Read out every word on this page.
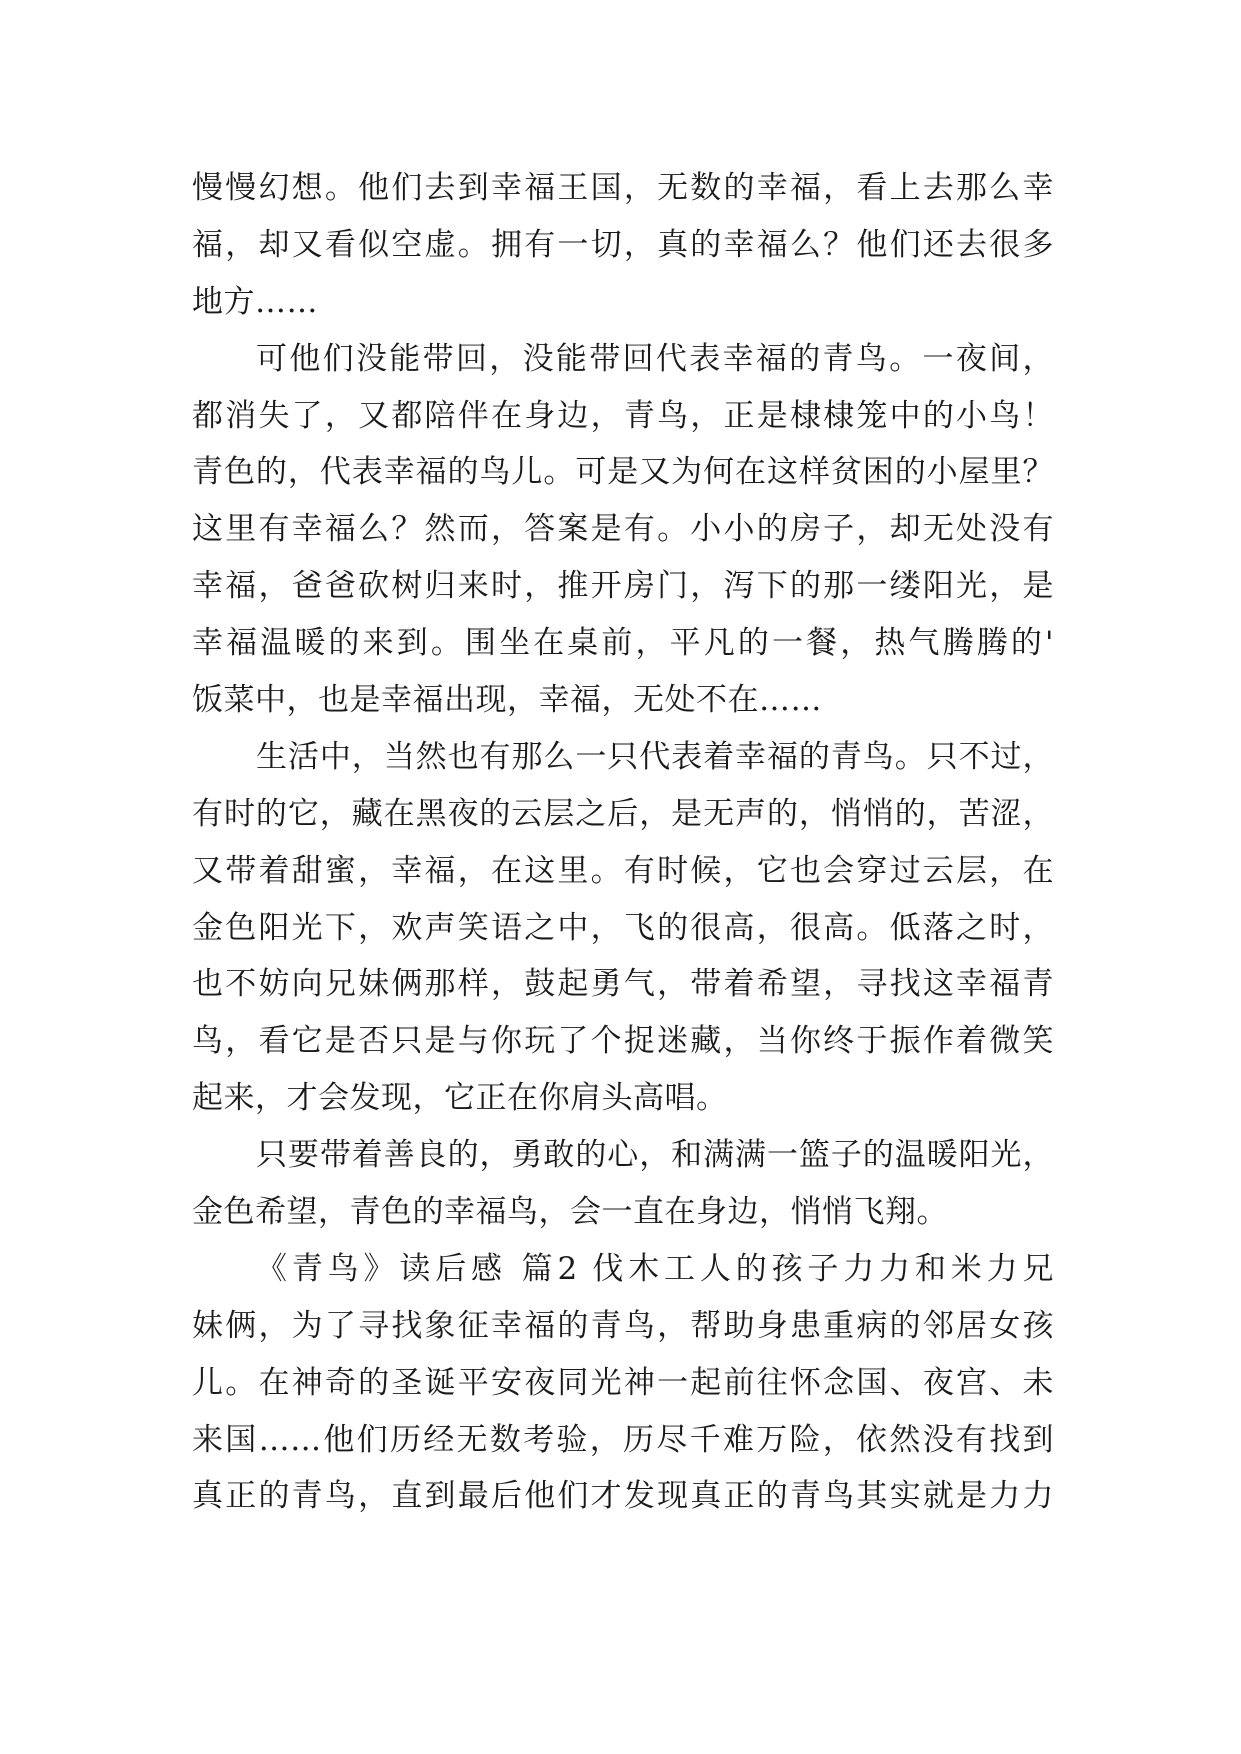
慢慢幻想。他们去到幸福王国，无数的幸福，看上去那么幸
福，却又看似空虚。拥有一切，真的幸福么？他们还去很多
地方……
可他们没能带回，没能带回代表幸福的青鸟。一夜间，
都消失了，又都陪伴在身边，青鸟，正是棣棣笼中的小鸟！
青色的，代表幸福的鸟儿。可是又为何在这样贫困的小屋里？
这里有幸福么？然而，答案是有。小小的房子，却无处没有
幸福，爸爸砍树归来时，推开房门，泻下的那一缕阳光，是
幸福温暖的来到。围坐在桌前，平凡的一餐，热气腾腾的'
饭菜中，也是幸福出现，幸福，无处不在……
生活中，当然也有那么一只代表着幸福的青鸟。只不过，
有时的它，藏在黑夜的云层之后，是无声的，悄悄的，苦涩，
又带着甜蜜，幸福，在这里。有时候，它也会穿过云层，在
金色阳光下，欢声笑语之中，飞的很高，很高。低落之时，
也不妨向兄妹俩那样，鼓起勇气，带着希望，寻找这幸福青
鸟，看它是否只是与你玩了个捉迷藏，当你终于振作着微笑
起来，才会发现，它正在你肩头高唱。
只要带着善良的，勇敢的心，和满满一篮子的温暖阳光，
金色希望，青色的幸福鸟，会一直在身边，悄悄飞翔。
《青鸟》读后感 篇2 伐木工人的孩子力力和米力兄
妹俩，为了寻找象征幸福的青鸟，帮助身患重病的邻居女孩
儿。在神奇的圣诞平安夜同光神一起前往怀念国、夜宫、未
来国……他们历经无数考验，历尽千难万险，依然没有找到
真正的青鸟，直到最后他们才发现真正的青鸟其实就是力力
